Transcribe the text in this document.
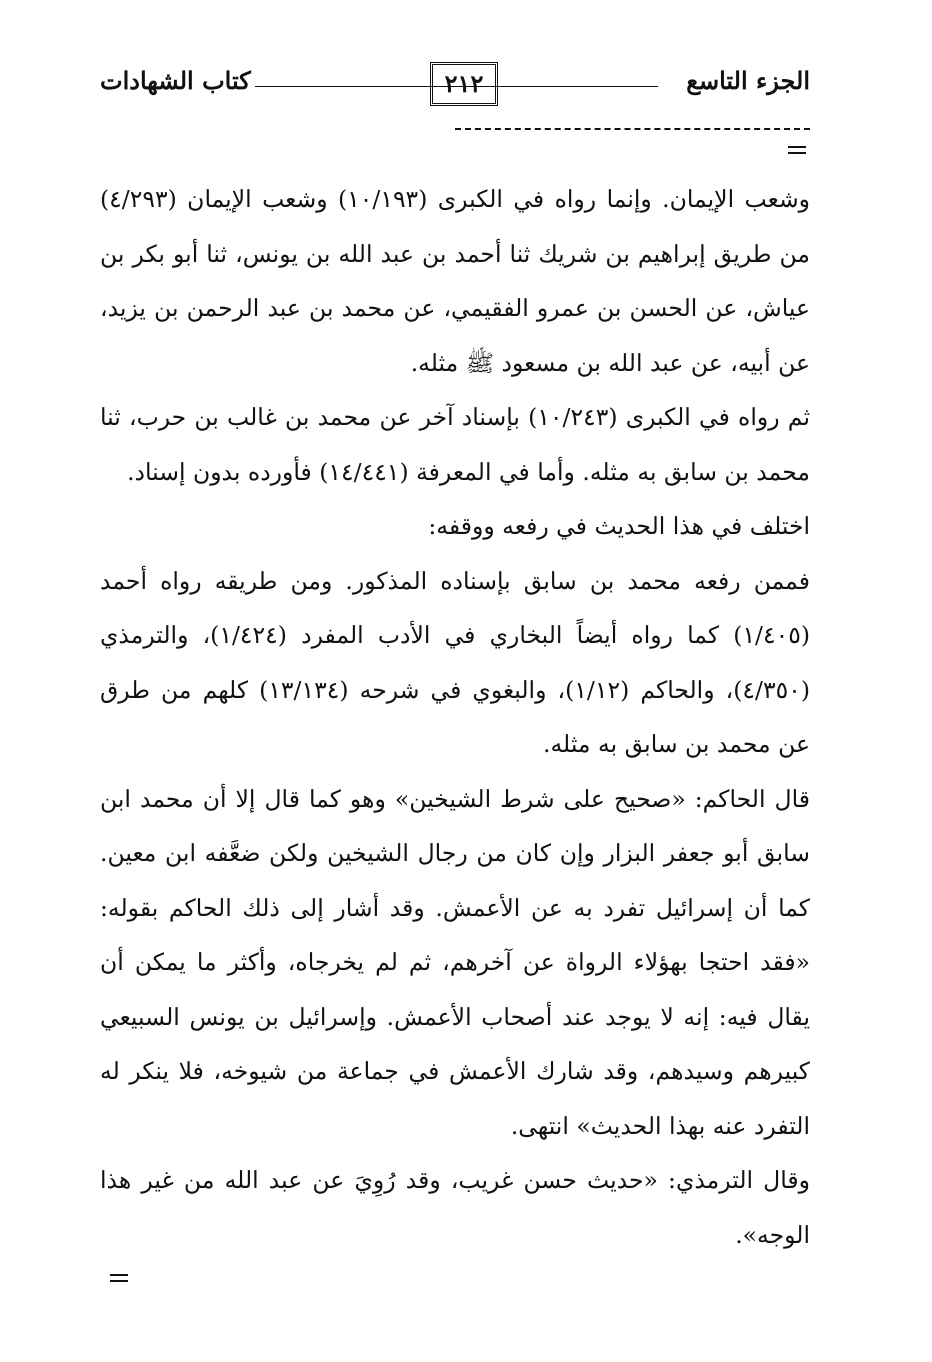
الجزء التاسع
٢١٢
كتاب الشهادات

وشعب الإيمان. وإنما رواه في الكبرى (١٠/١٩٣) وشعب الإيمان (٤/٢٩٣) من طريق إبراهيم بن شريك ثنا أحمد بن عبد الله بن يونس، ثنا أبو بكر بن عياش، عن الحسن بن عمرو الفقيمي، عن محمد بن عبد الرحمن بن يزيد، عن أبيه، عن عبد الله بن مسعود ﷺ مثله.

ثم رواه في الكبرى (١٠/٢٤٣) بإسناد آخر عن محمد بن غالب بن حرب، ثنا محمد بن سابق به مثله. وأما في المعرفة (١٤/٤٤١) فأورده بدون إسناد.

اختلف في هذا الحديث في رفعه ووقفه:

فممن رفعه محمد بن سابق بإسناده المذكور. ومن طريقه رواه أحمد (١/٤٠٥) كما رواه أيضاً البخاري في الأدب المفرد (١/٤٢٤)، والترمذي (٤/٣٥٠)، والحاكم (١/١٢)، والبغوي في شرحه (١٣/١٣٤) كلهم من طرق عن محمد بن سابق به مثله.

قال الحاكم: «صحيح على شرط الشيخين» وهو كما قال إلا أن محمد ابن سابق أبو جعفر البزار وإن كان من رجال الشيخين ولكن ضعَّفه ابن معين. كما أن إسرائيل تفرد به عن الأعمش. وقد أشار إلى ذلك الحاكم بقوله: «فقد احتجا بهؤلاء الرواة عن آخرهم، ثم لم يخرجاه، وأكثر ما يمكن أن يقال فيه: إنه لا يوجد عند أصحاب الأعمش. وإسرائيل بن يونس السبيعي كبيرهم وسيدهم، وقد شارك الأعمش في جماعة من شيوخه، فلا ينكر له التفرد عنه بهذا الحديث» انتهى.

وقال الترمذي: «حديث حسن غريب، وقد رُوِيَ عن عبد الله من غير هذا الوجه».
